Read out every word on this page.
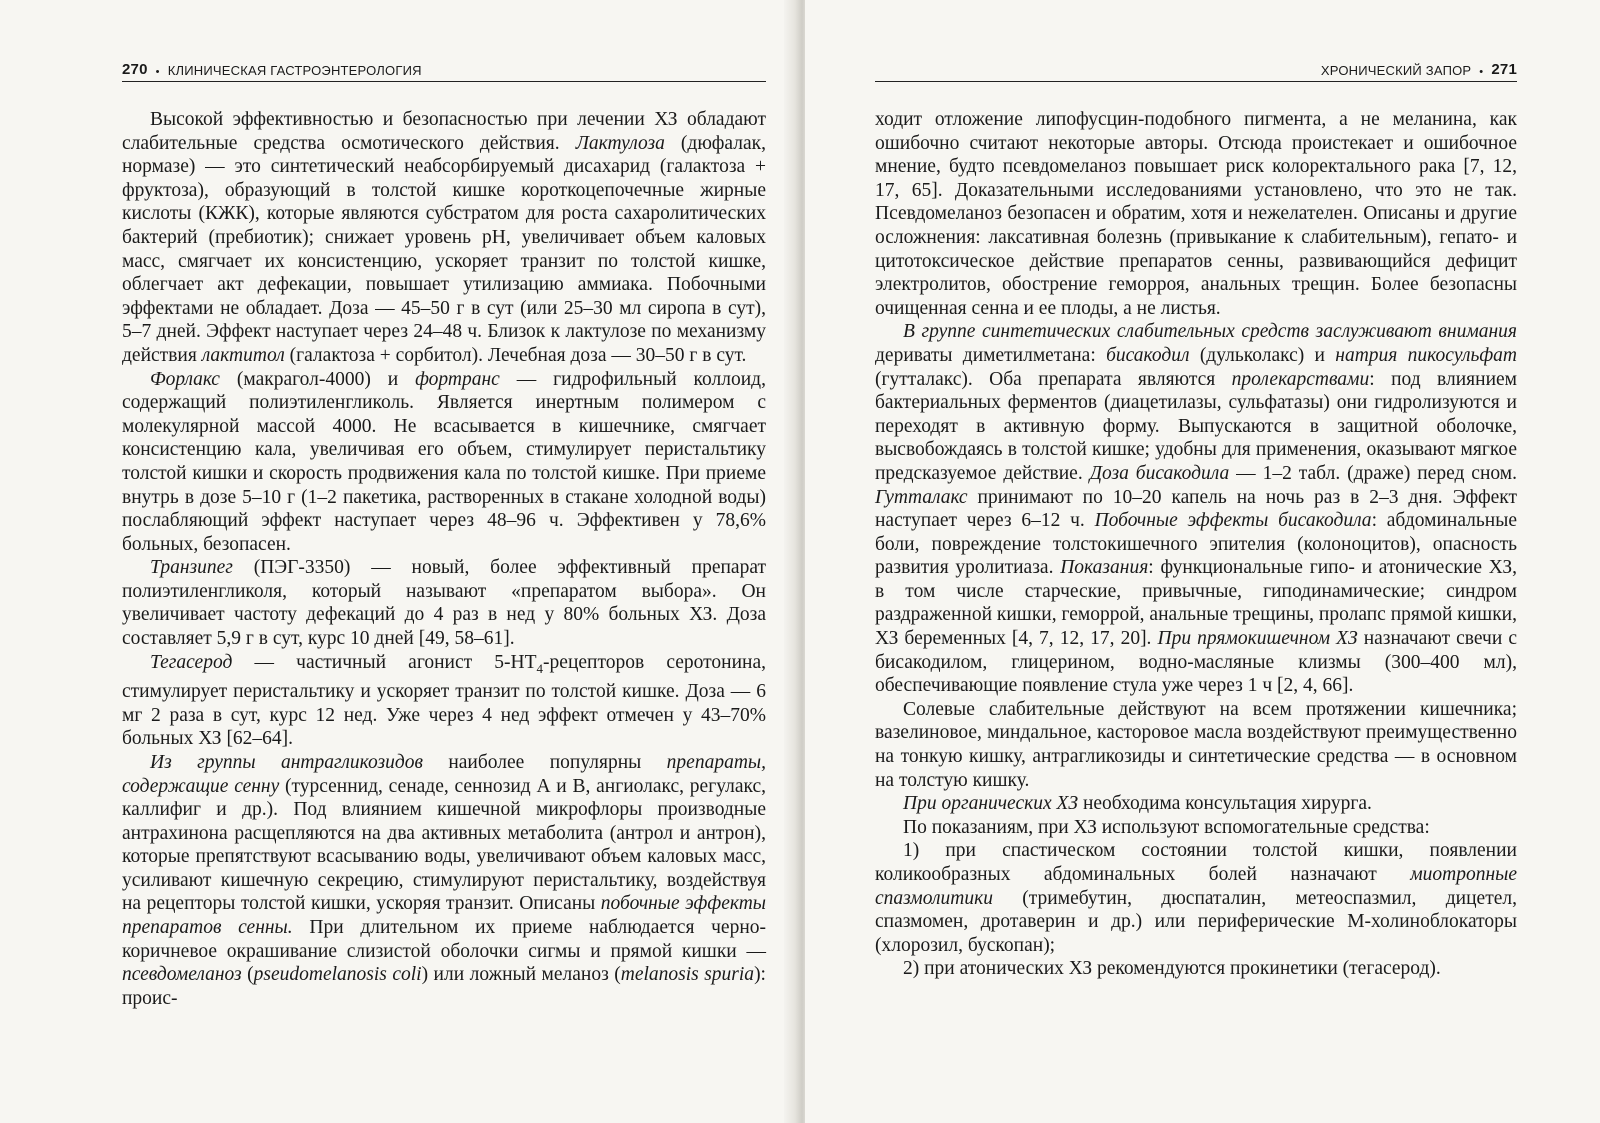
270 • КЛИНИЧЕСКАЯ ГАСТРОЭНТЕРОЛОГИЯ

Высокой эффективностью и безопасностью при лечении ХЗ обладают слабительные средства осмотического действия. Лактулоза (дюфалак, нормазе) — это синтетический неабсорбируемый дисахарид (галактоза + фруктоза), образующий в толстой кишке короткоцепочечные жирные кислоты (КЖК), которые являются субстратом для роста сахаролитических бактерий (пребиотик); снижает уровень pH, увеличивает объем каловых масс, смягчает их консистенцию, ускоряет транзит по толстой кишке, облегчает акт дефекации, повышает утилизацию аммиака. Побочными эффектами не обладает. Доза — 45–50 г в сут (или 25–30 мл сиропа в сут), 5–7 дней. Эффект наступает через 24–48 ч. Близок к лактулозе по механизму действия лактитол (галактоза + сорбитол). Лечебная доза — 30–50 г в сут.

Форлакс (макрагол-4000) и фортранс — гидрофильный коллоид, содержащий полиэтиленгликоль. Является инертным полимером с молекулярной массой 4000. Не всасывается в кишечнике, смягчает консистенцию кала, увеличивая его объем, стимулирует перистальтику толстой кишки и скорость продвижения кала по толстой кишке. При приеме внутрь в дозе 5–10 г (1–2 пакетика, растворенных в стакане холодной воды) послабляющий эффект наступает через 48–96 ч. Эффективен у 78,6% больных, безопасен.

Транзипег (ПЭГ-3350) — новый, более эффективный препарат полиэтиленгликоля, который называют «препаратом выбора». Он увеличивает частоту дефекаций до 4 раз в нед у 80% больных ХЗ. Доза составляет 5,9 г в сут, курс 10 дней [49, 58–61].

Тегасерод — частичный агонист $5-HT_4$-рецепторов серотонина, стимулирует перистальтику и ускоряет транзит по толстой кишке. Доза — 6 мг 2 раза в сут, курс 12 нед. Уже через 4 нед эффект отмечен у 43–70% больных ХЗ [62–64].

Из группы антрагликозидов наиболее популярны препараты, содержащие сенну (турсеннид, сенаде, сеннозид А и В, ангиолакс, регулакс, каллифиг и др.). Под влиянием кишечной микрофлоры производные антрахинона расщепляются на два активных метаболита (антрол и антрон), которые препятствуют всасыванию воды, увеличивают объем каловых масс, усиливают кишечную секрецию, стимулируют перистальтику, воздействуя на рецепторы толстой кишки, ускоряя транзит. Описаны побочные эффекты препаратов сенны. При длительном их приеме наблюдается черно-коричневое окрашивание слизистой оболочки сигмы и прямой кишки — псевдомеланоз (pseudomelanosis coli) или ложный меланоз (melanosis spuria): проис-

ХРОНИЧЕСКИЙ ЗАПОР • 271

ходит отложение липофусцин-подобного пигмента, а не меланина, как ошибочно считают некоторые авторы. Отсюда проистекает и ошибочное мнение, будто псевдомеланоз повышает риск колоректального рака [7, 12, 17, 65]. Доказательными исследованиями установлено, что это не так. Псевдомеланоз безопасен и обратим, хотя и нежелателен. Описаны и другие осложнения: лаксативная болезнь (привыкание к слабительным), гепато- и цитотоксическое действие препаратов сенны, развивающийся дефицит электролитов, обострение геморроя, анальных трещин. Более безопасны очищенная сенна и ее плоды, а не листья.

В группе синтетических слабительных средств заслуживают внимания дериваты диметилметана: бисакодил (дульколакс) и натрия пикосульфат (гутталакс). Оба препарата являются пролекарствами: под влиянием бактериальных ферментов (диацетилазы, сульфатазы) они гидролизуются и переходят в активную форму. Выпускаются в защитной оболочке, высвобождаясь в толстой кишке; удобны для применения, оказывают мягкое предсказуемое действие. Доза бисакодила — 1–2 табл. (драже) перед сном. Гутталакс принимают по 10–20 капель на ночь раз в 2–3 дня. Эффект наступает через 6–12 ч. Побочные эффекты бисакодила: абдоминальные боли, повреждение толстокишечного эпителия (колоноцитов), опасность развития уролитиаза. Показания: функциональные гипо- и атонические ХЗ, в том числе старческие, привычные, гиподинамические; синдром раздраженной кишки, геморрой, анальные трещины, пролапс прямой кишки, ХЗ беременных [4, 7, 12, 17, 20]. При прямокишечном ХЗ назначают свечи с бисакодилом, глицерином, водно-масляные клизмы (300–400 мл), обеспечивающие появление стула уже через 1 ч [2, 4, 66].

Солевые слабительные действуют на всем протяжении кишечника; вазелиновое, миндальное, касторовое масла воздействуют преимущественно на тонкую кишку, антрагликозиды и синтетические средства — в основном на толстую кишку.

При органических ХЗ необходима консультация хирурга.

По показаниям, при ХЗ используют вспомогательные средства:

1) при спастическом состоянии толстой кишки, появлении коликообразных абдоминальных болей назначают миотропные спазмолитики (тримебутин, дюспаталин, метеоспазмил, дицетел, спазмомен, дротаверин и др.) или периферические М-холиноблокаторы (хлорозил, бускопан);

2) при атонических ХЗ рекомендуются прокинетики (тегасерод).
